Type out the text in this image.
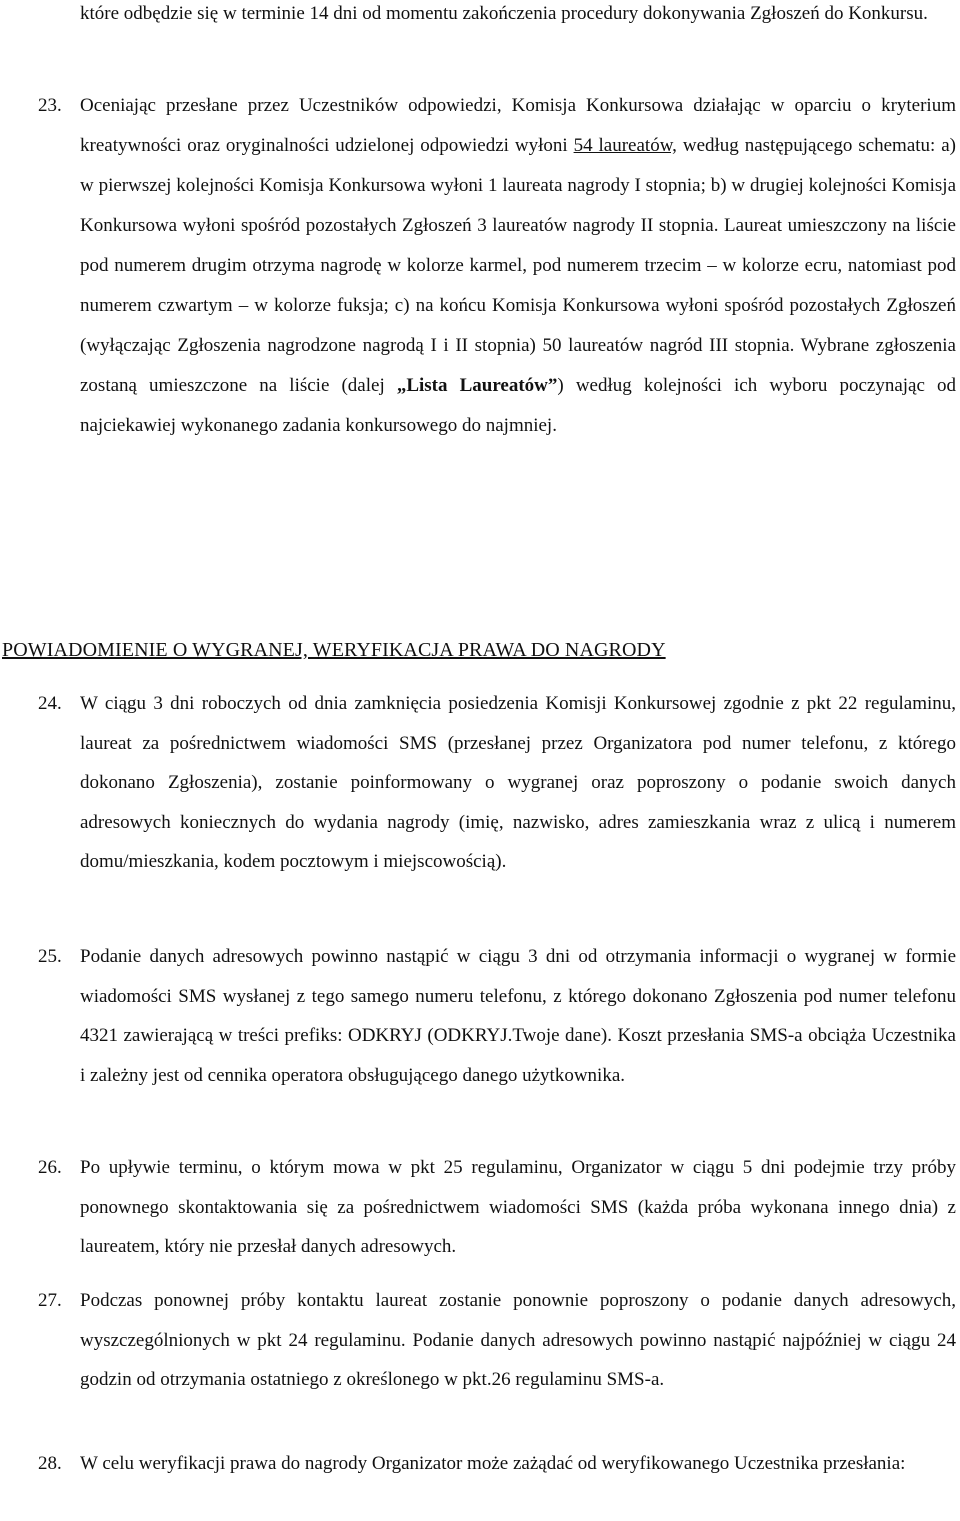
które odbędzie się w terminie 14 dni od momentu zakończenia procedury dokonywania Zgłoszeń do Konkursu.
23. Oceniając przesłane przez Uczestników odpowiedzi, Komisja Konkursowa działając w oparciu o kryterium kreatywności oraz oryginalności udzielonej odpowiedzi wyłoni 54 laureatów, według następującego schematu: a) w pierwszej kolejności Komisja Konkursowa wyłoni 1 laureata nagrody I stopnia; b) w drugiej kolejności Komisja Konkursowa wyłoni spośród pozostałych Zgłoszeń 3 laureatów nagrody II stopnia. Laureat umieszczony na liście pod numerem drugim otrzyma nagrodę w kolorze karmel, pod numerem trzecim – w kolorze ecru, natomiast pod numerem czwartym – w kolorze fuksja; c) na końcu Komisja Konkursowa wyłoni spośród pozostałych Zgłoszeń (wyłączając Zgłoszenia nagrodzone nagrodą I i II stopnia) 50 laureatów nagród III stopnia. Wybrane zgłoszenia zostaną umieszczone na liście (dalej „Lista Laureatów”) według kolejności ich wyboru poczynając od najciekawiej wykonanego zadania konkursowego do najmniej.
POWIADOMIENIE O WYGRANEJ, WERYFIKACJA PRAWA DO NAGRODY
24. W ciągu 3 dni roboczych od dnia zamknięcia posiedzenia Komisji Konkursowej zgodnie z pkt 22 regulaminu, laureat za pośrednictwem wiadomości SMS (przesłanej przez Organizatora pod numer telefonu, z którego dokonano Zgłoszenia), zostanie poinformowany o wygranej oraz poproszony o podanie swoich danych adresowych koniecznych do wydania nagrody (imię, nazwisko, adres zamieszkania wraz z ulicą i numerem domu/mieszkania, kodem pocztowym i miejscowością).
25. Podanie danych adresowych powinno nastąpić w ciągu 3 dni od otrzymania informacji o wygranej w formie wiadomości SMS wysłanej z tego samego numeru telefonu, z którego dokonano Zgłoszenia pod numer telefonu 4321 zawierającą w treści prefiks: ODKRYJ (ODKRYJ.Twoje dane). Koszt przesłania SMS-a obciąża Uczestnika i zależny jest od cennika operatora obsługującego danego użytkownika.
26. Po upływie terminu, o którym mowa w pkt 25 regulaminu, Organizator w ciągu 5 dni podejmie trzy próby ponownego skontaktowania się za pośrednictwem wiadomości SMS (każda próba wykonana innego dnia) z laureatem, który nie przesłał danych adresowych.
27. Podczas ponownej próby kontaktu laureat zostanie ponownie poproszony o podanie danych adresowych, wyszczególnionych w pkt 24 regulaminu. Podanie danych adresowych powinno nastąpić najpóźniej w ciągu 24 godzin od otrzymania ostatniego z określonego w pkt.26 regulaminu SMS-a.
28. W celu weryfikacji prawa do nagrody Organizator może zażądać od weryfikowanego Uczestnika przesłania:
